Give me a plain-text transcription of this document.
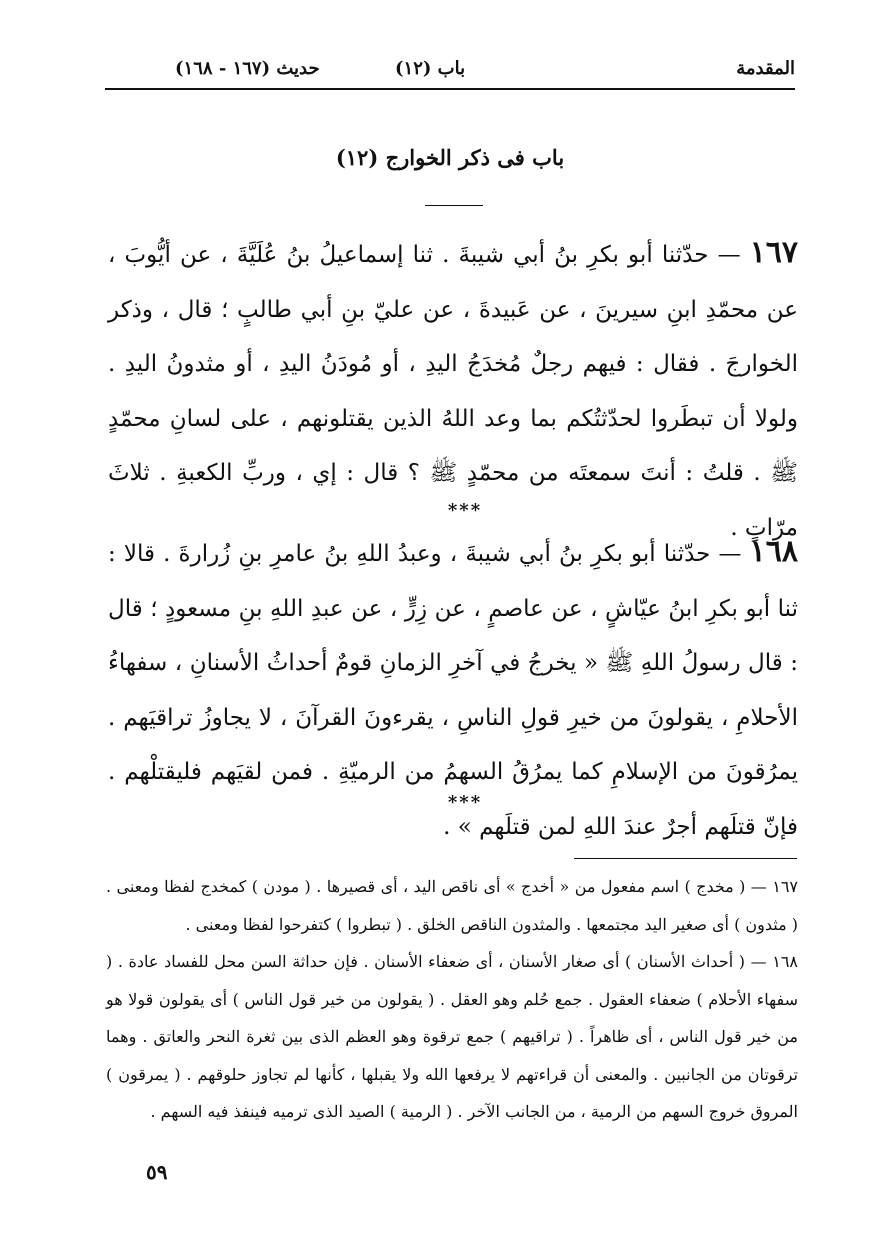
المقدمة
(١٢) باب
(١٦٧ - ١٦٨) حديث
(١٢) باب فى ذكر الخوارج
١٦٧ — حدّثنا أبو بكرِ بنُ أبي شيبةَ . ثنا إسماعيلُ بنُ عُلَيَّةَ ، عن أيُّوبَ ، عن محمّدِ ابنِ سيرينَ ، عن عَبيدةَ ، عن عليّ بنِ أبي طالبٍ ؛ قال ، وذكر الخوارجَ . فقال : فيهم رجلٌ مُخدَجُ اليدِ ، أو مُودَنُ اليدِ ، أو مثدونُ اليدِ . ولولا أن تبطَروا لحدّثتُكم بما وعد اللهُ الذين يقتلونهم ، على لسانِ محمّدٍ ﷺ . قلتُ : أنتَ سمعتَه من محمّدٍ ﷺ ؟ قال : إي ، وربِّ الكعبةِ . ثلاثَ مرّاتٍ .
***
١٦٨ — حدّثنا أبو بكرِ بنُ أبي شيبةَ ، وعبدُ اللهِ بنُ عامرِ بنِ زُرارةَ . قالا : ثنا أبو بكرِ ابنُ عيّاشٍ ، عن عاصمٍ ، عن زِرٍّ ، عن عبدِ اللهِ بنِ مسعودٍ ؛ قال : قال رسولُ اللهِ ﷺ « يخرجُ في آخرِ الزمانِ قومٌ أحداثُ الأسنانِ ، سفهاءُ الأحلامِ ، يقولونَ من خيرِ قولِ الناسِ ، يقرءونَ القرآنَ ، لا يجاوزُ تراقيَهم . يمرُقونَ من الإسلامِ كما يمرُقُ السهمُ من الرميّةِ . فمن لقيَهم فليقتلْهم . فإنّ قتلَهم أجرٌ عندَ اللهِ لمن قتلَهم » .
***

١٦٧ — ( مخدج ) اسم مفعول من « أخدج » أى ناقص اليد ، أى قصيرها . ( مودن ) كمخدج لفظا ومعنى . ( مثدون ) أى صغير اليد مجتمعها . والمثدون الناقص الخلق . ( تبطروا ) كتفرحوا لفظا ومعنى .

١٦٨ — ( أحداث الأسنان ) أى صغار الأسنان ، أى ضعفاء الأسنان . فإن حداثة السن محل للفساد عادة . ( سفهاء الأحلام ) ضعفاء العقول . جمع حُلم وهو العقل . ( يقولون من خير قول الناس ) أى يقولون قولا هو من خير قول الناس ، أى ظاهراً . ( تراقيهم ) جمع ترقوة وهو العظم الذى بين ثغرة النحر والعاتق . وهما ترقوتان من الجانبين . والمعنى أن قراءتهم لا يرفعها الله ولا يقبلها ، كأنها لم تجاوز حلوقهم . ( يمرقون ) المروق خروج السهم من الرمية ، من الجانب الآخر . ( الرمية ) الصيد الذى ترميه فينفذ فيه السهم .

٥٩
